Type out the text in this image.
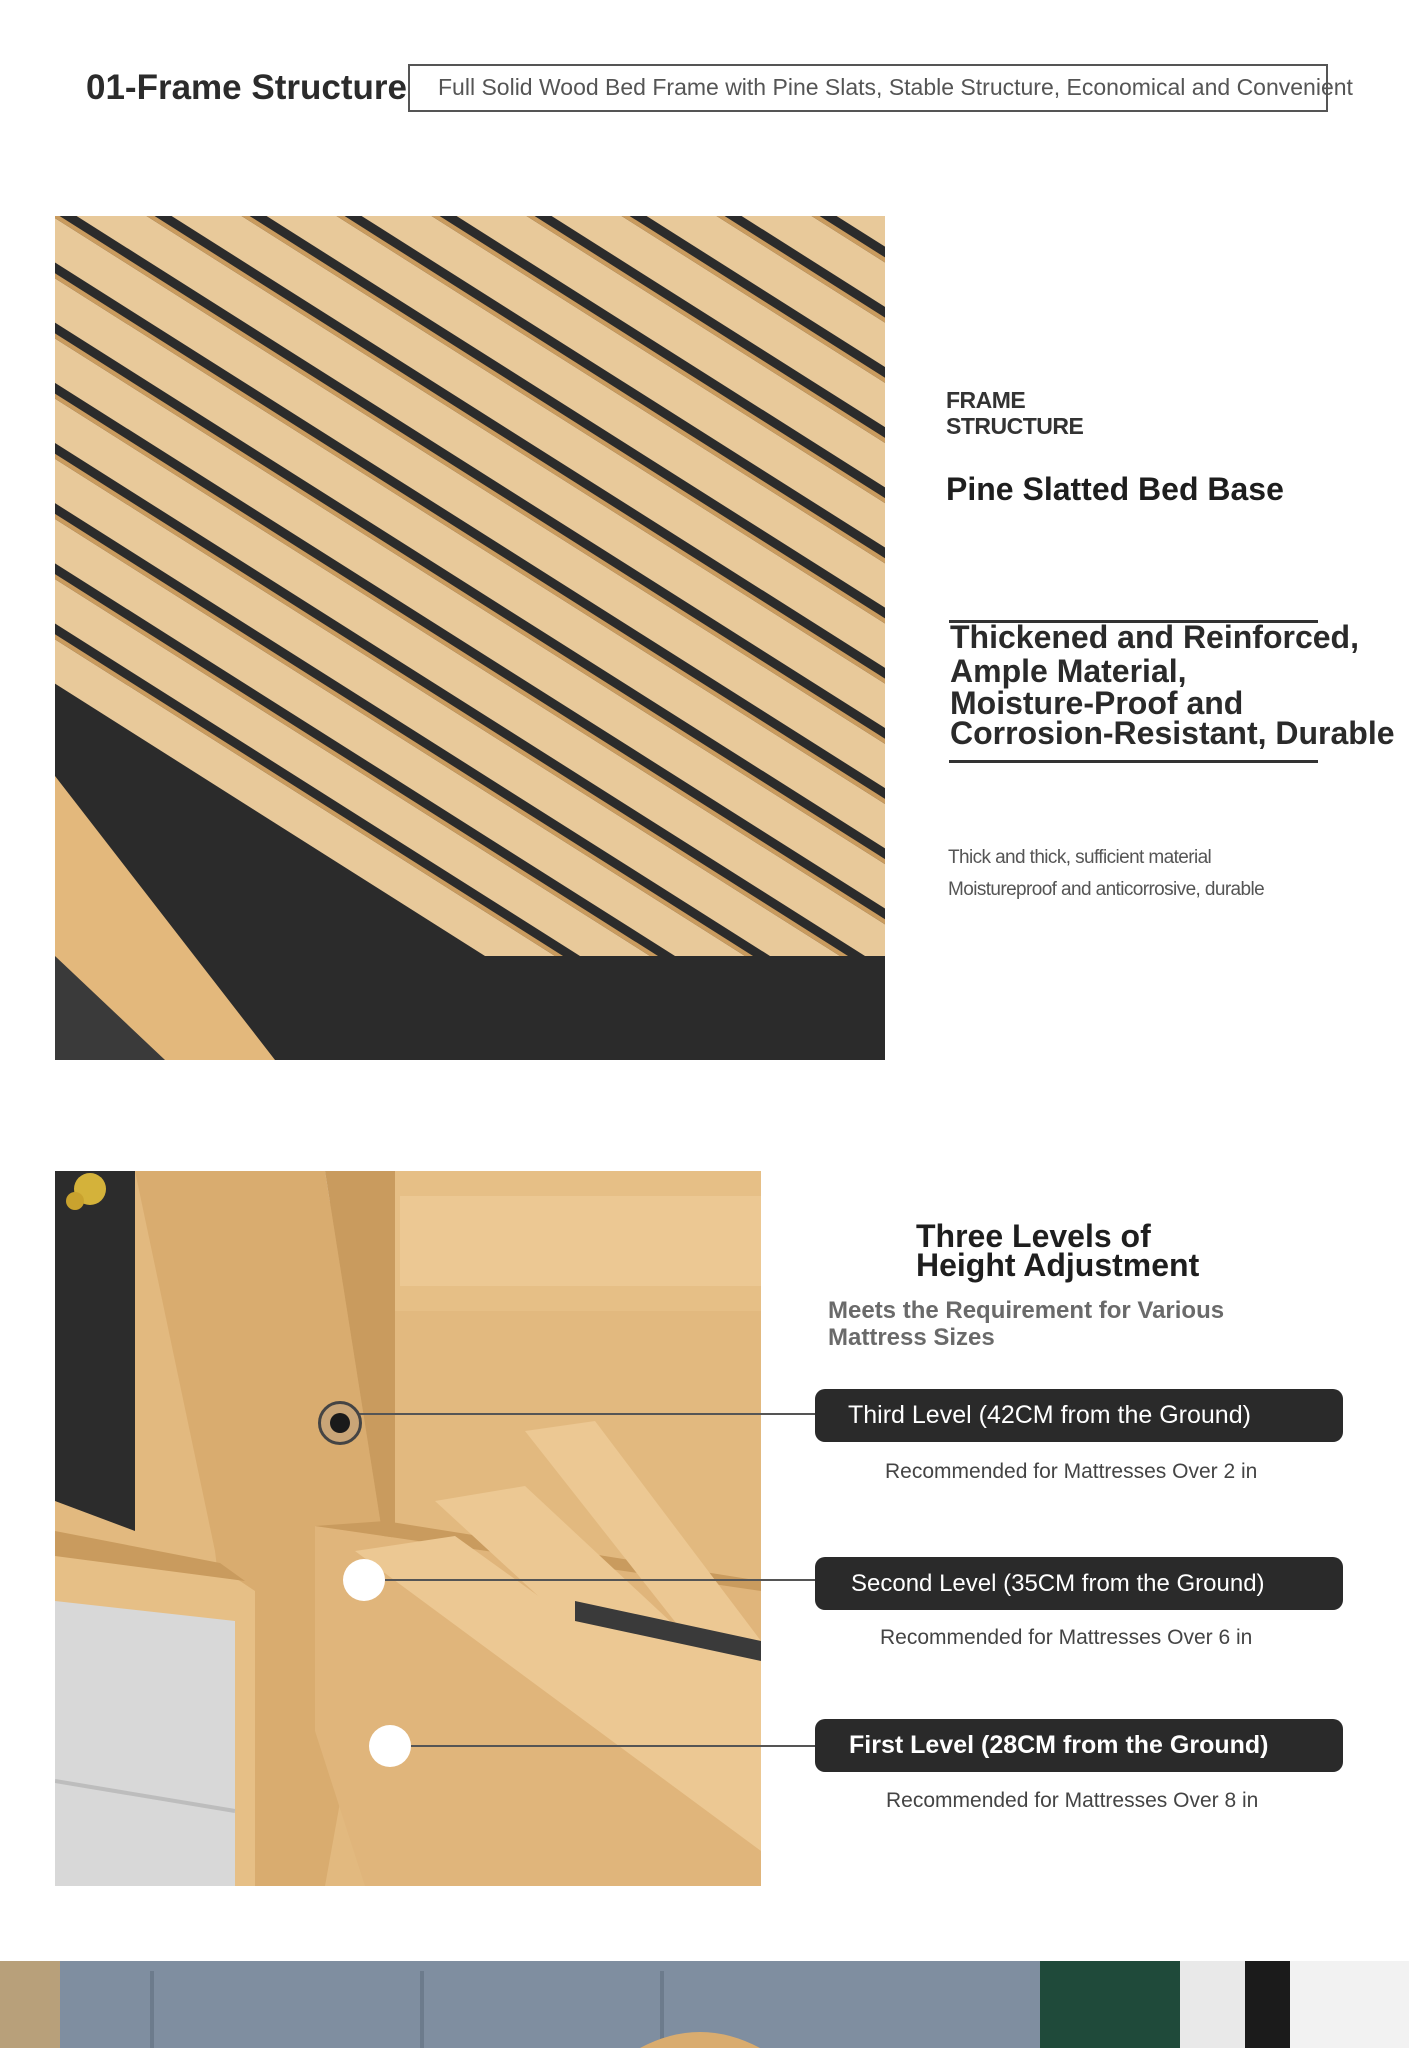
01-Frame Structure Full Solid Wood Bed Frame with Pine Slats, Stable Structure, Economical and Convenient
FRAME
STRUCTURE
Pine Slatted Bed Base
Thickened and Reinforced,
Ample Material,
Moisture-Proof and
Corrosion-Resistant, Durable
Thick and thick, sufficient material
Moistureproof and anticorrosive, durable
Three Levels of
Height Adjustment
Meets the Requirement for Various
Mattress Sizes
Third Level (42CM from the Ground)
Recommended for Mattresses Over 2 in
Second Level (35CM from the Ground)
Recommended for Mattresses Over 6 in
First Level (28CM from the Ground)
Recommended for Mattresses Over 8 in
